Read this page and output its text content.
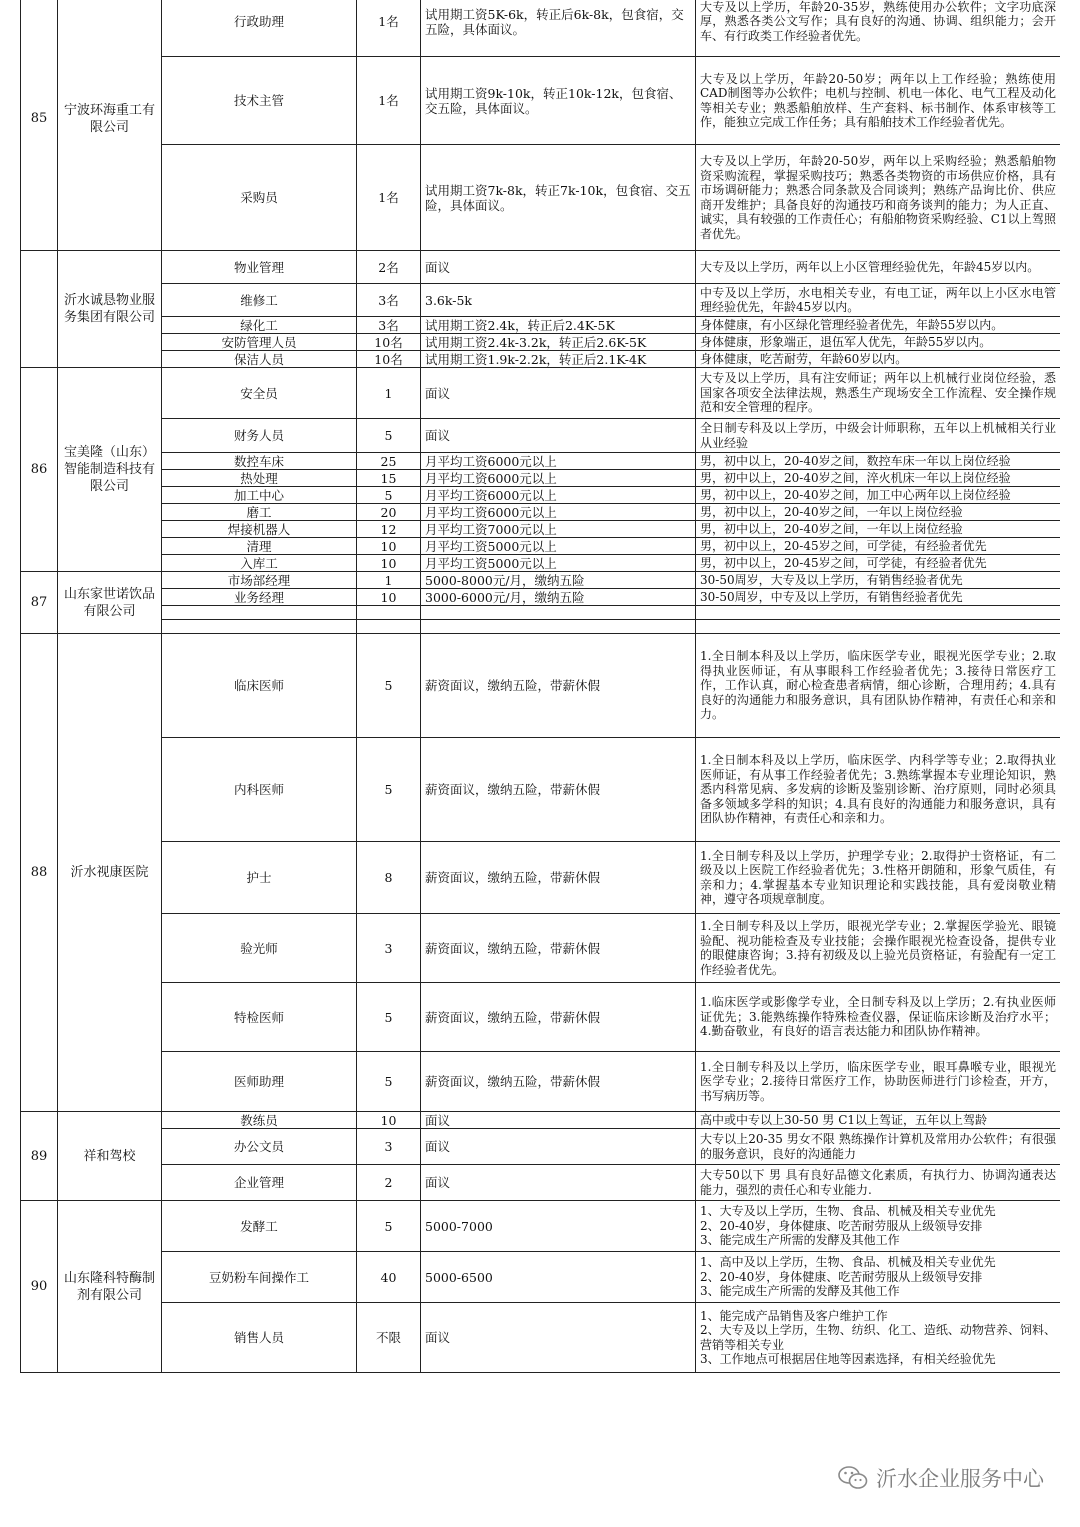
85	宁波环海重工有限公司	行政助理	1名	试用期工资5K-6k，转正后6k-8k，包食宿，交五险，具体面议。	大专及以上学历，年龄20-35岁，熟练使用办公软件；文字功底深厚，熟悉各类公文写作；具有良好的沟通、协调、组织能力；会开车、有行政类工作经验者优先。
		技术主管	1名	试用期工资9k-10k，转正10k-12k，包食宿、交五险，具体面议。	大专及以上学历，年龄20-50岁；两年以上工作经验；熟练使用CAD制图等办公软件；电机与控制、机电一体化、电气工程及动化等相关专业；熟悉船舶放样、生产套料、标书制作、体系审核等工作，能独立完成工作任务；具有船舶技术工作经验者优先。
		采购员	1名	试用期工资7k-8k，转正7k-10k，包食宿、交五险，具体面议。	大专及以上学历，年龄20-50岁，两年以上采购经验；熟悉船舶物资采购流程，掌握采购技巧；熟悉各类物资的市场供应价格，具有市场调研能力；熟悉合同条款及合同谈判；熟练产品询比价、供应商开发维护；具备良好的沟通技巧和商务谈判的能力；为人正直、诚实，具有较强的工作责任心；有船舶物资采购经验、C1以上驾照者优先。
	沂水诚恳物业服务集团有限公司	物业管理	2名	面议	大专及以上学历，两年以上小区管理经验优先，年龄45岁以内。
		维修工	3名	3.6k-5k	中专及以上学历，水电相关专业，有电工证，两年以上小区水电管理经验优先，年龄45岁以内。
		绿化工	3名	试用期工资2.4k，转正后2.4K-5K	身体健康，有小区绿化管理经验者优先，年龄55岁以内。
		安防管理人员	10名	试用期工资2.4k-3.2k，转正后2.6K-5K	身体健康，形象端正，退伍军人优先，年龄55岁以内。
		保洁人员	10名	试用期工资1.9k-2.2k，转正后2.1K-4K	身体健康，吃苦耐劳，年龄60岁以内。
86	宝美隆（山东）智能制造科技有限公司	安全员	1	面议	大专及以上学历，具有注安师证；两年以上机械行业岗位经验，悉国家各项安全法律法规，熟悉生产现场安全工作流程、安全操作规范和安全管理的程序。
		财务人员	5	面议	全日制专科及以上学历，中级会计师职称，五年以上机械相关行业从业经验
		数控车床	25	月平均工资6000元以上	男，初中以上，20-40岁之间，数控车床一年以上岗位经验
		热处理	15	月平均工资6000元以上	男，初中以上，20-40岁之间，淬火机床一年以上岗位经验
		加工中心	5	月平均工资6000元以上	男，初中以上，20-40岁之间，加工中心两年以上岗位经验
		磨工	20	月平均工资6000元以上	男，初中以上，20-40岁之间，一年以上岗位经验
		焊接机器人	12	月平均工资7000元以上	男，初中以上，20-40岁之间，一年以上岗位经验
		清理	10	月平均工资5000元以上	男，初中以上，20-45岁之间，可学徒，有经验者优先
		入库工	10	月平均工资5000元以上	男，初中以上，20-45岁之间，可学徒，有经验者优先
87	山东家世诺饮品有限公司	市场部经理	1	5000-8000元/月，缴纳五险	30-50周岁，大专及以上学历，有销售经验者优先
		业务经理	10	3000-6000元/月，缴纳五险	30-50周岁，中专及以上学历，有销售经验者优先

88	沂水视康医院	临床医师	5	薪资面议，缴纳五险，带薪休假	1.全日制本科及以上学历，临床医学专业，眼视光医学专业；2.取得执业医师证，有从事眼科工作经验者优先；3.接待日常医疗工作，工作认真，耐心检查患者病情，细心诊断，合理用药；4.具有良好的沟通能力和服务意识，具有团队协作精神，有责任心和亲和力。
		内科医师	5	薪资面议，缴纳五险，带薪休假	1.全日制本科及以上学历，临床医学、内科学等专业；2.取得执业医师证，有从事工作经验者优先；3.熟练掌握本专业理论知识，熟悉内科常见病、多发病的诊断及鉴别诊断、治疗原则，同时必须具备多领域多学科的知识；4.具有良好的沟通能力和服务意识，具有团队协作精神，有责任心和亲和力。
		护士	8	薪资面议，缴纳五险，带薪休假	1.全日制专科及以上学历，护理学专业；2.取得护士资格证，有二级及以上医院工作经验者优先；3.性格开朗随和，形象气质佳，有亲和力；4.掌握基本专业知识理论和实践技能，具有爱岗敬业精神，遵守各项规章制度。
		验光师	3	薪资面议，缴纳五险，带薪休假	1.全日制专科及以上学历，眼视光学专业；2.掌握医学验光、眼镜验配、视功能检查及专业技能；会操作眼视光检查设备，提供专业的眼健康咨询；3.持有初级及以上验光员资格证，有验配有一定工作经验者优先。
		特检医师	5	薪资面议，缴纳五险，带薪休假	1.临床医学或影像学专业，全日制专科及以上学历；2.有执业医师证优先；3.能熟练操作特殊检查仪器，保证临床诊断及治疗水平；4.勤奋敬业，有良好的语言表达能力和团队协作精神。
		医师助理	5	薪资面议，缴纳五险，带薪休假	1.全日制专科及以上学历，临床医学专业，眼耳鼻喉专业，眼视光医学专业；2.接待日常医疗工作，协助医师进行门诊检查，开方，书写病历等。
89	祥和驾校	教练员	10	面议	高中或中专以上30-50 男 C1以上驾证，五年以上驾龄
		办公文员	3	面议	大专以上20-35 男女不限 熟练操作计算机及常用办公软件；有很强的服务意识，良好的沟通能力
		企业管理	2	面议	大专50以下 男 具有良好品德文化素质，有执行力、协调沟通表达能力，强烈的责任心和专业能力.
90	山东隆科特酶制剂有限公司	发酵工	5	5000-7000	1、大专及以上学历，生物、食品、机械及相关专业优先
2、20-40岁，身体健康、吃苦耐劳服从上级领导安排
3、能完成生产所需的发酵及其他工作
		豆奶粉车间操作工	40	5000-6500	1、高中及以上学历，生物、食品、机械及相关专业优先
2、20-40岁，身体健康、吃苦耐劳服从上级领导安排
3、能完成生产所需的发酵及其他工作
		销售人员	不限	面议	1、能完成产品销售及客户维护工作
2、大专及以上学历，生物、纺织、化工、造纸、动物营养、饲料、营销等相关专业
3、工作地点可根据居住地等因素选择，有相关经验优先
沂水企业服务中心
